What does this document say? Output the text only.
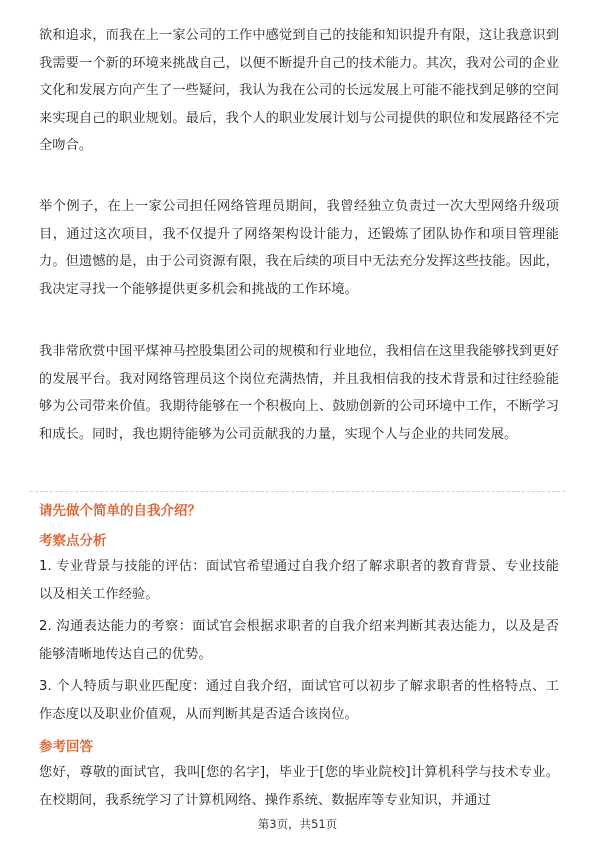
欲和追求，而我在上一家公司的工作中感觉到自己的技能和知识提升有限，这让我意识到我需要一个新的环境来挑战自己，以便不断提升自己的技术能力。其次，我对公司的企业文化和发展方向产生了一些疑问，我认为我在公司的长远发展上可能不能找到足够的空间来实现自己的职业规划。最后，我个人的职业发展计划与公司提供的职位和发展路径不完全吻合。

举个例子，在上一家公司担任网络管理员期间，我曾经独立负责过一次大型网络升级项目，通过这次项目，我不仅提升了网络架构设计能力，还锻炼了团队协作和项目管理能力。但遗憾的是，由于公司资源有限，我在后续的项目中无法充分发挥这些技能。因此，我决定寻找一个能够提供更多机会和挑战的工作环境。

我非常欣赏中国平煤神马控股集团公司的规模和行业地位，我相信在这里我能够找到更好的发展平台。我对网络管理员这个岗位充满热情，并且我相信我的技术背景和过往经验能够为公司带来价值。我期待能够在一个积极向上、鼓励创新的公司环境中工作，不断学习和成长。同时，我也期待能够为公司贡献我的力量，实现个人与企业的共同发展。

请先做个简单的自我介绍？
考察点分析

1. 专业背景与技能的评估：面试官希望通过自我介绍了解求职者的教育背景、专业技能以及相关工作经验。

2. 沟通表达能力的考察：面试官会根据求职者的自我介绍来判断其表达能力，以及是否能够清晰地传达自己的优势。

3. 个人特质与职业匹配度：通过自我介绍，面试官可以初步了解求职者的性格特点、工作态度以及职业价值观，从而判断其是否适合该岗位。

参考回答

您好，尊敬的面试官，我叫[您的名字]，毕业于[您的毕业院校]计算机科学与技术专业。在校期间，我系统学习了计算机网络、操作系统、数据库等专业知识，并通过

第3页，共51页
